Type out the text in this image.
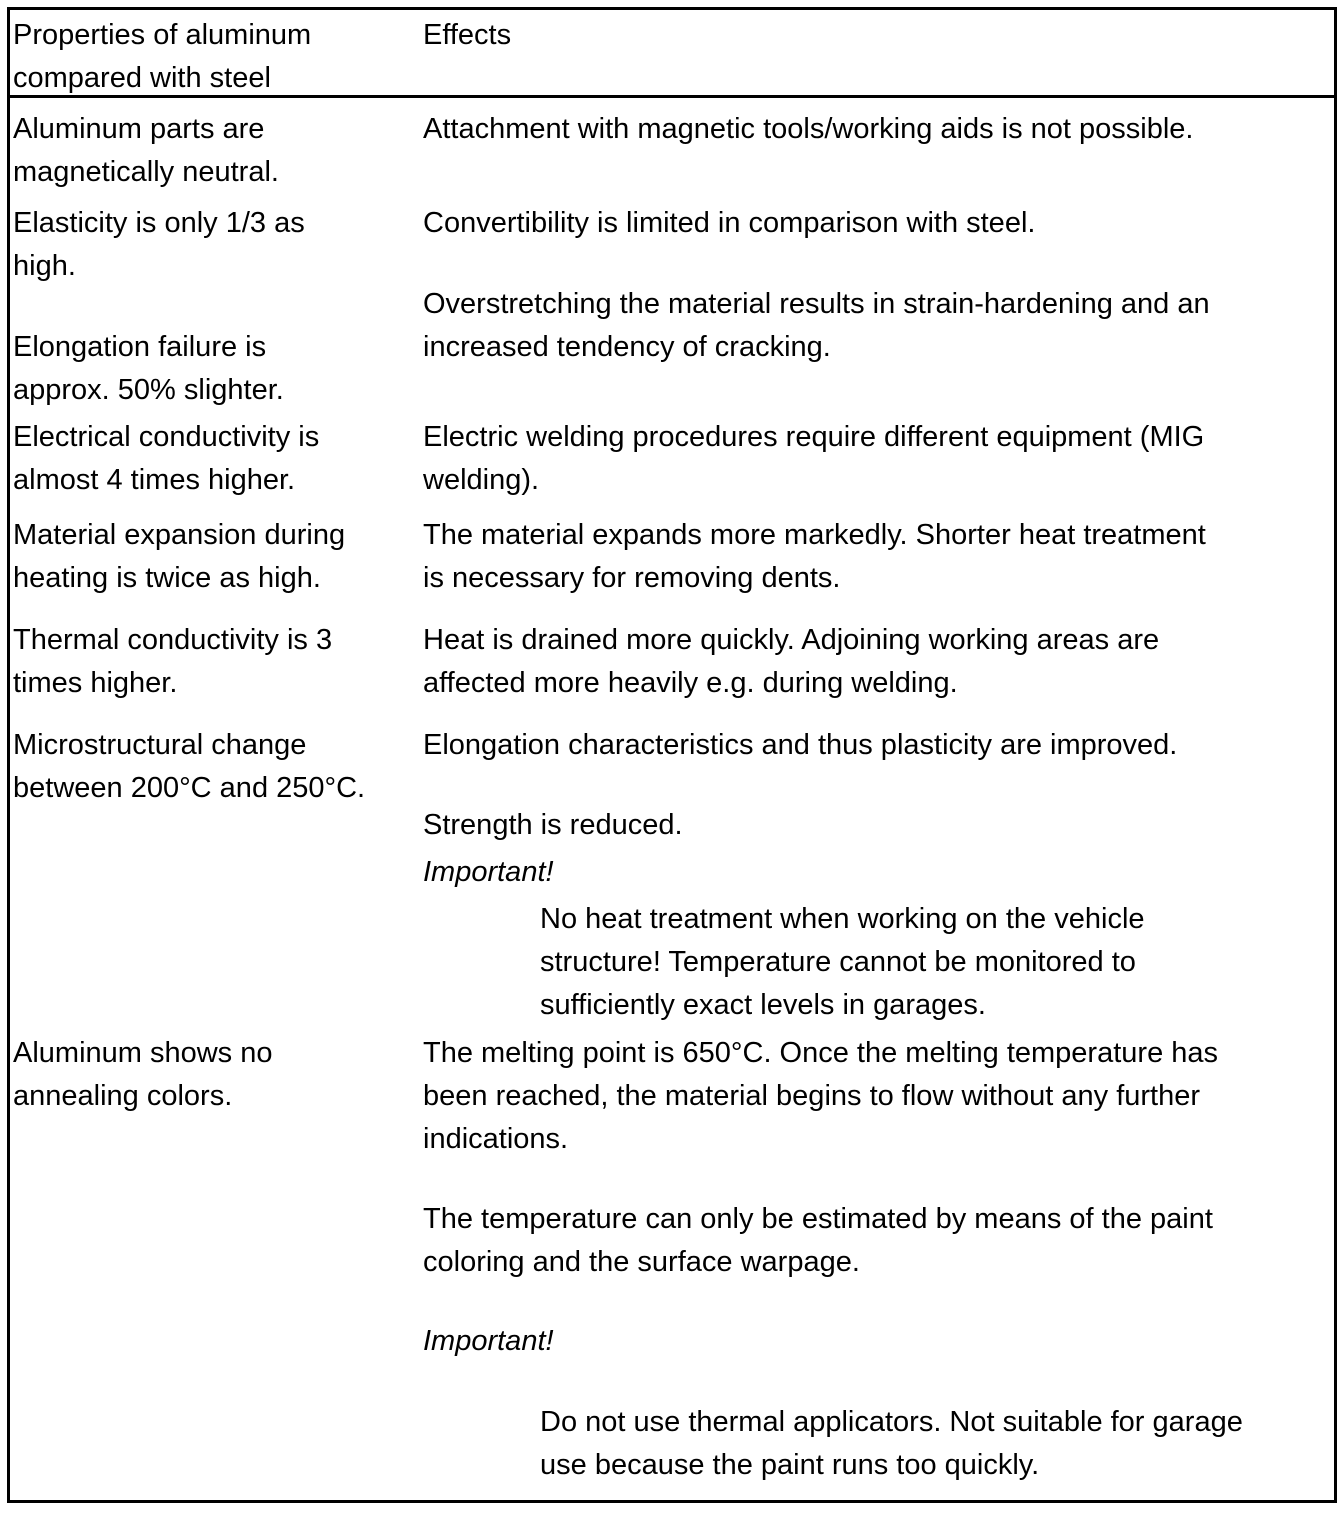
Properties of aluminum
compared with steel
Effects
Aluminum parts are
magnetically neutral.
Attachment with magnetic tools/working aids is not possible.
Elasticity is only 1/3 as
high.
Convertibility is limited in comparison with steel.
Elongation failure is
approx. 50% slighter.
Overstretching the material results in strain-hardening and an
increased tendency of cracking.
Electrical conductivity is
almost 4 times higher.
Electric welding procedures require different equipment (MIG
welding).
Material expansion during
heating is twice as high.
The material expands more markedly. Shorter heat treatment
is necessary for removing dents.
Thermal conductivity is 3
times higher.
Heat is drained more quickly. Adjoining working areas are
affected more heavily e.g. during welding.
Microstructural change
between 200°C and 250°C.
Elongation characteristics and thus plasticity are improved.
Strength is reduced.
Important!
No heat treatment when working on the vehicle
structure! Temperature cannot be monitored to
sufficiently exact levels in garages.
Aluminum shows no
annealing colors.
The melting point is 650°C. Once the melting temperature has
been reached, the material begins to flow without any further
indications.
The temperature can only be estimated by means of the paint
coloring and the surface warpage.
Important!
Do not use thermal applicators. Not suitable for garage
use because the paint runs too quickly.
